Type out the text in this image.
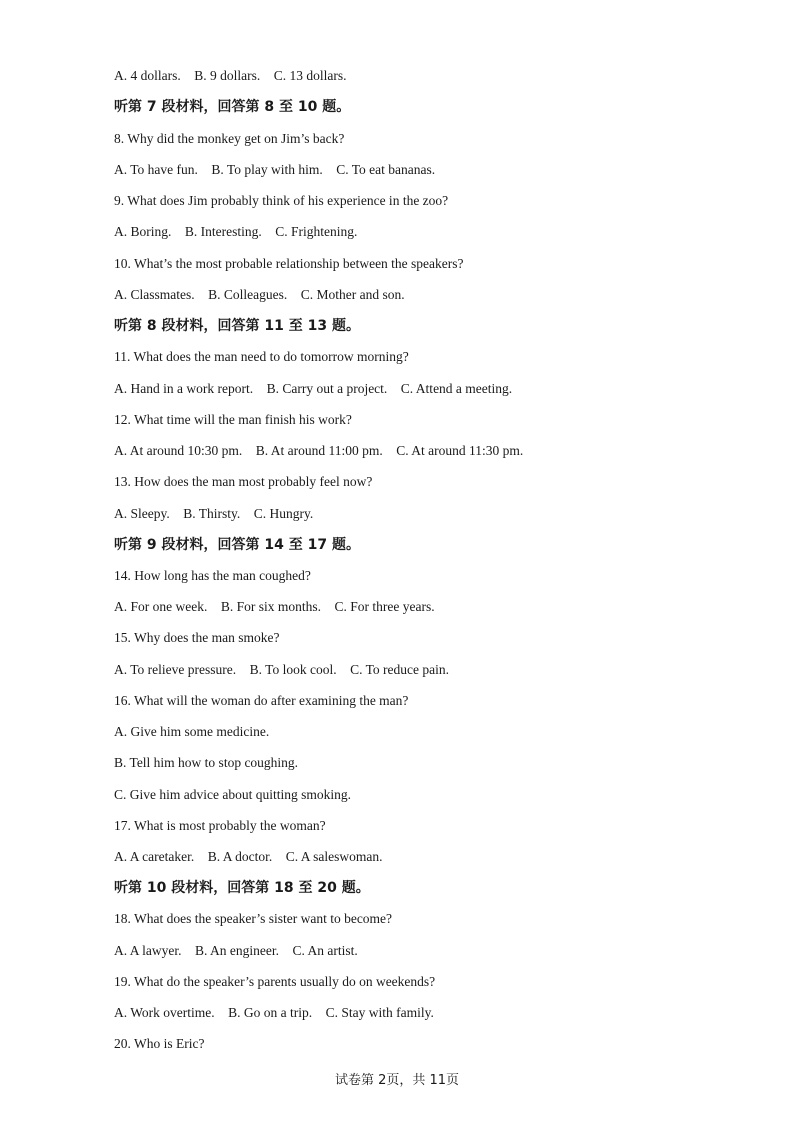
A. 4 dollars.    B. 9 dollars.    C. 13 dollars.
听第 7 段材料，回答第 8 至 10 题。
8. Why did the monkey get on Jim’s back?
A. To have fun.    B. To play with him.    C. To eat bananas.
9. What does Jim probably think of his experience in the zoo?
A. Boring.    B. Interesting.    C. Frightening.
10. What’s the most probable relationship between the speakers?
A. Classmates.    B. Colleagues.    C. Mother and son.
听第 8 段材料，回答第 11 至 13 题。
11. What does the man need to do tomorrow morning?
A. Hand in a work report.    B. Carry out a project.    C. Attend a meeting.
12. What time will the man finish his work?
A. At around 10:30 pm.    B. At around 11:00 pm.    C. At around 11:30 pm.
13. How does the man most probably feel now?
A. Sleepy.    B. Thirsty.    C. Hungry.
听第 9 段材料，回答第 14 至 17 题。
14. How long has the man coughed?
A. For one week.    B. For six months.    C. For three years.
15. Why does the man smoke?
A. To relieve pressure.    B. To look cool.    C. To reduce pain.
16. What will the woman do after examining the man?
A. Give him some medicine.
B. Tell him how to stop coughing.
C. Give him advice about quitting smoking.
17. What is most probably the woman?
A. A caretaker.    B. A doctor.    C. A saleswoman.
听第 10 段材料，回答第 18 至 20 题。
18. What does the speaker’s sister want to become?
A. A lawyer.    B. An engineer.    C. An artist.
19. What do the speaker’s parents usually do on weekends?
A. Work overtime.    B. Go on a trip.    C. Stay with family.
20. Who is Eric?
试卷第 2页，共 11页
